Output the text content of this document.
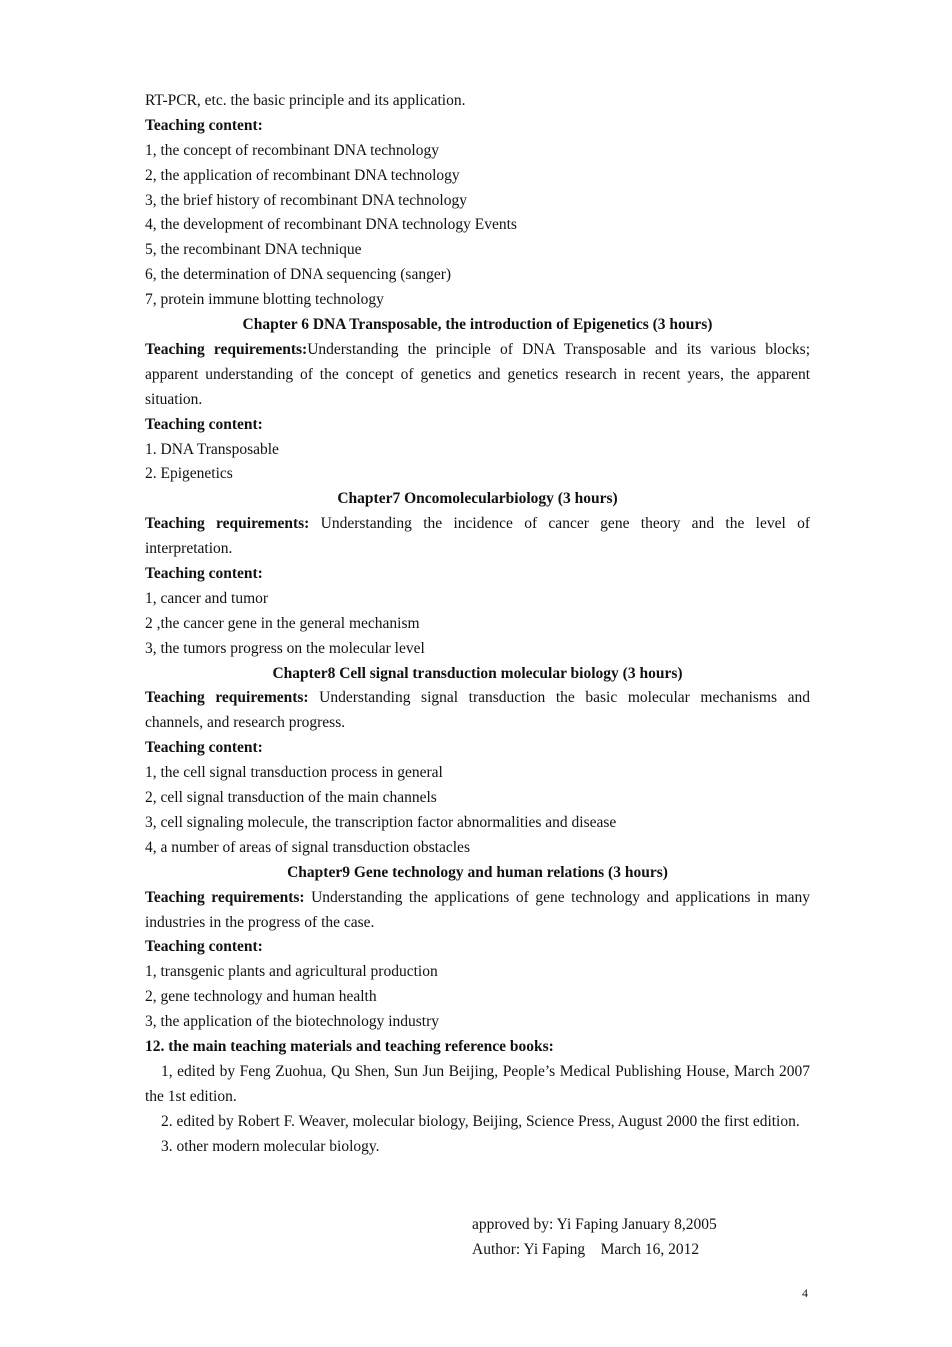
RT-PCR, etc. the basic principle and its application.
Teaching content:
1, the concept of recombinant DNA technology
2, the application of recombinant DNA technology
3, the brief history of recombinant DNA technology
4, the development of recombinant DNA technology Events
5, the recombinant DNA technique
6, the determination of DNA sequencing (sanger)
7, protein immune blotting technology
Chapter 6 DNA Transposable, the introduction of Epigenetics (3 hours)
Teaching requirements:Understanding the principle of DNA Transposable and its various blocks; apparent understanding of the concept of genetics and genetics research in recent years, the apparent situation.
Teaching content:
1. DNA Transposable
2. Epigenetics
Chapter7 Oncomolecularbiology (3 hours)
Teaching requirements: Understanding the incidence of cancer gene theory and the level of interpretation.
Teaching content:
1, cancer and tumor
2 ,the cancer gene in the general mechanism
3, the tumors progress on the molecular level
Chapter8 Cell signal transduction molecular biology (3 hours)
Teaching requirements: Understanding signal transduction the basic molecular mechanisms and channels, and research progress.
Teaching content:
1, the cell signal transduction process in general
2, cell signal transduction of the main channels
3, cell signaling molecule, the transcription factor abnormalities and disease
4, a number of areas of signal transduction obstacles
Chapter9 Gene technology and human relations (3 hours)
Teaching requirements: Understanding the applications of gene technology and applications in many industries in the progress of the case.
Teaching content:
1, transgenic plants and agricultural production
2, gene technology and human health
3, the application of the biotechnology industry
12. the main teaching materials and teaching reference books:
1, edited by Feng Zuohua, Qu Shen, Sun Jun Beijing, People’s Medical Publishing House, March 2007 the 1st edition.
2. edited by Robert F. Weaver, molecular biology, Beijing, Science Press, August 2000 the first edition.
3. other modern molecular biology.
approved by: Yi Faping January 8,2005
Author: Yi Faping    March 16, 2012
4
